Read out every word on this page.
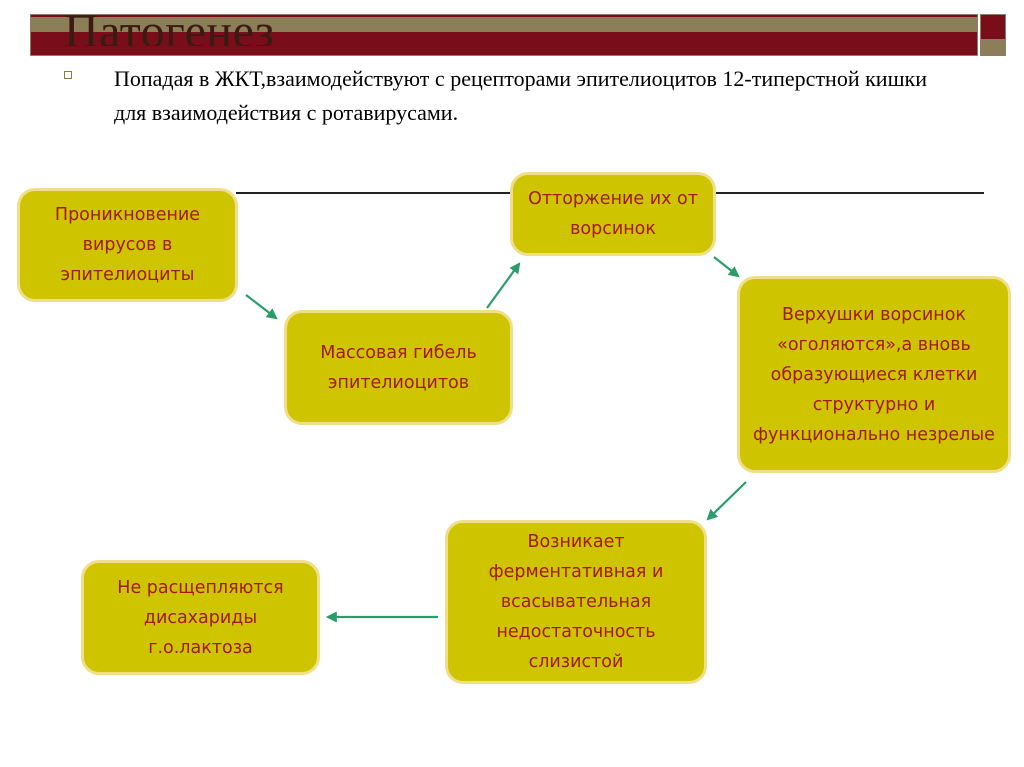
Патогенез

Попадая в ЖКТ,взаимодействуют с рецепторами эпителиоцитов 12-типерстной кишки для взаимодействия с ротавирусами.

Проникновение вирусов в эпителиоциты
Массовая гибель эпителиоцитов
Отторжение их от ворсинок
Верхушки ворсинок «оголяются»,а вновь образующиеся клетки структурно и функционально незрелые
Возникает ферментативная и всасывательная недостаточность слизистой
Не расщепляются дисахариды г.о.лактоза
